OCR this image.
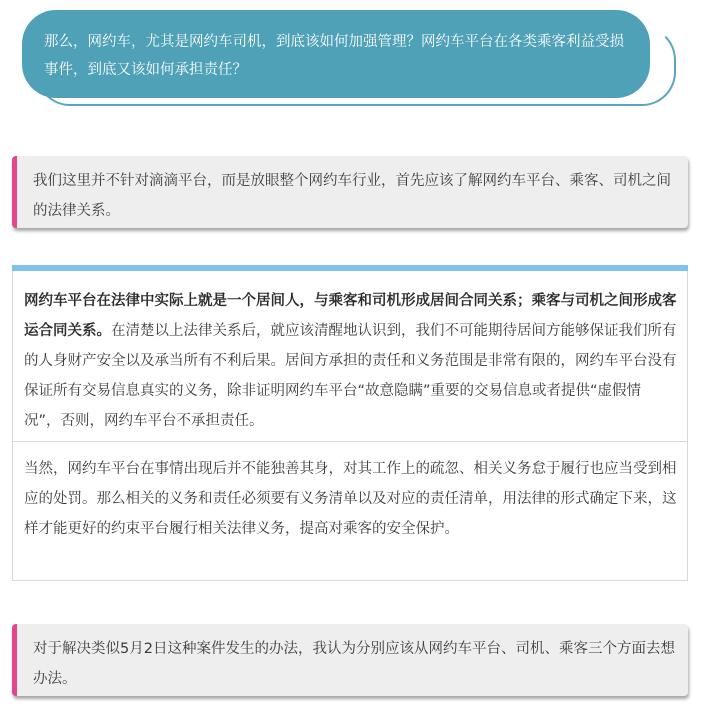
那么，网约车，尤其是网约车司机，到底该如何加强管理？网约车平台在各类乘客利益受损事件，到底又该如何承担责任？
我们这里并不针对滴滴平台，而是放眼整个网约车行业，首先应该了解网约车平台、乘客、司机之间的法律关系。
网约车平台在法律中实际上就是一个居间人，与乘客和司机形成居间合同关系；乘客与司机之间形成客运合同关系。在清楚以上法律关系后，就应该清醒地认识到，我们不可能期待居间方能够保证我们所有的人身财产安全以及承当所有不利后果。居间方承担的责任和义务范围是非常有限的，网约车平台没有保证所有交易信息真实的义务，除非证明网约车平台“故意隐瞒”重要的交易信息或者提供“虚假情况”，否则，网约车平台不承担责任。
当然，网约车平台在事情出现后并不能独善其身，对其工作上的疏忽、相关义务怠于履行也应当受到相应的处罚。那么相关的义务和责任必须要有义务清单以及对应的责任清单，用法律的形式确定下来，这样才能更好的约束平台履行相关法律义务，提高对乘客的安全保护。
对于解决类似5月2日这种案件发生的办法，我认为分别应该从网约车平台、司机、乘客三个方面去想办法。
